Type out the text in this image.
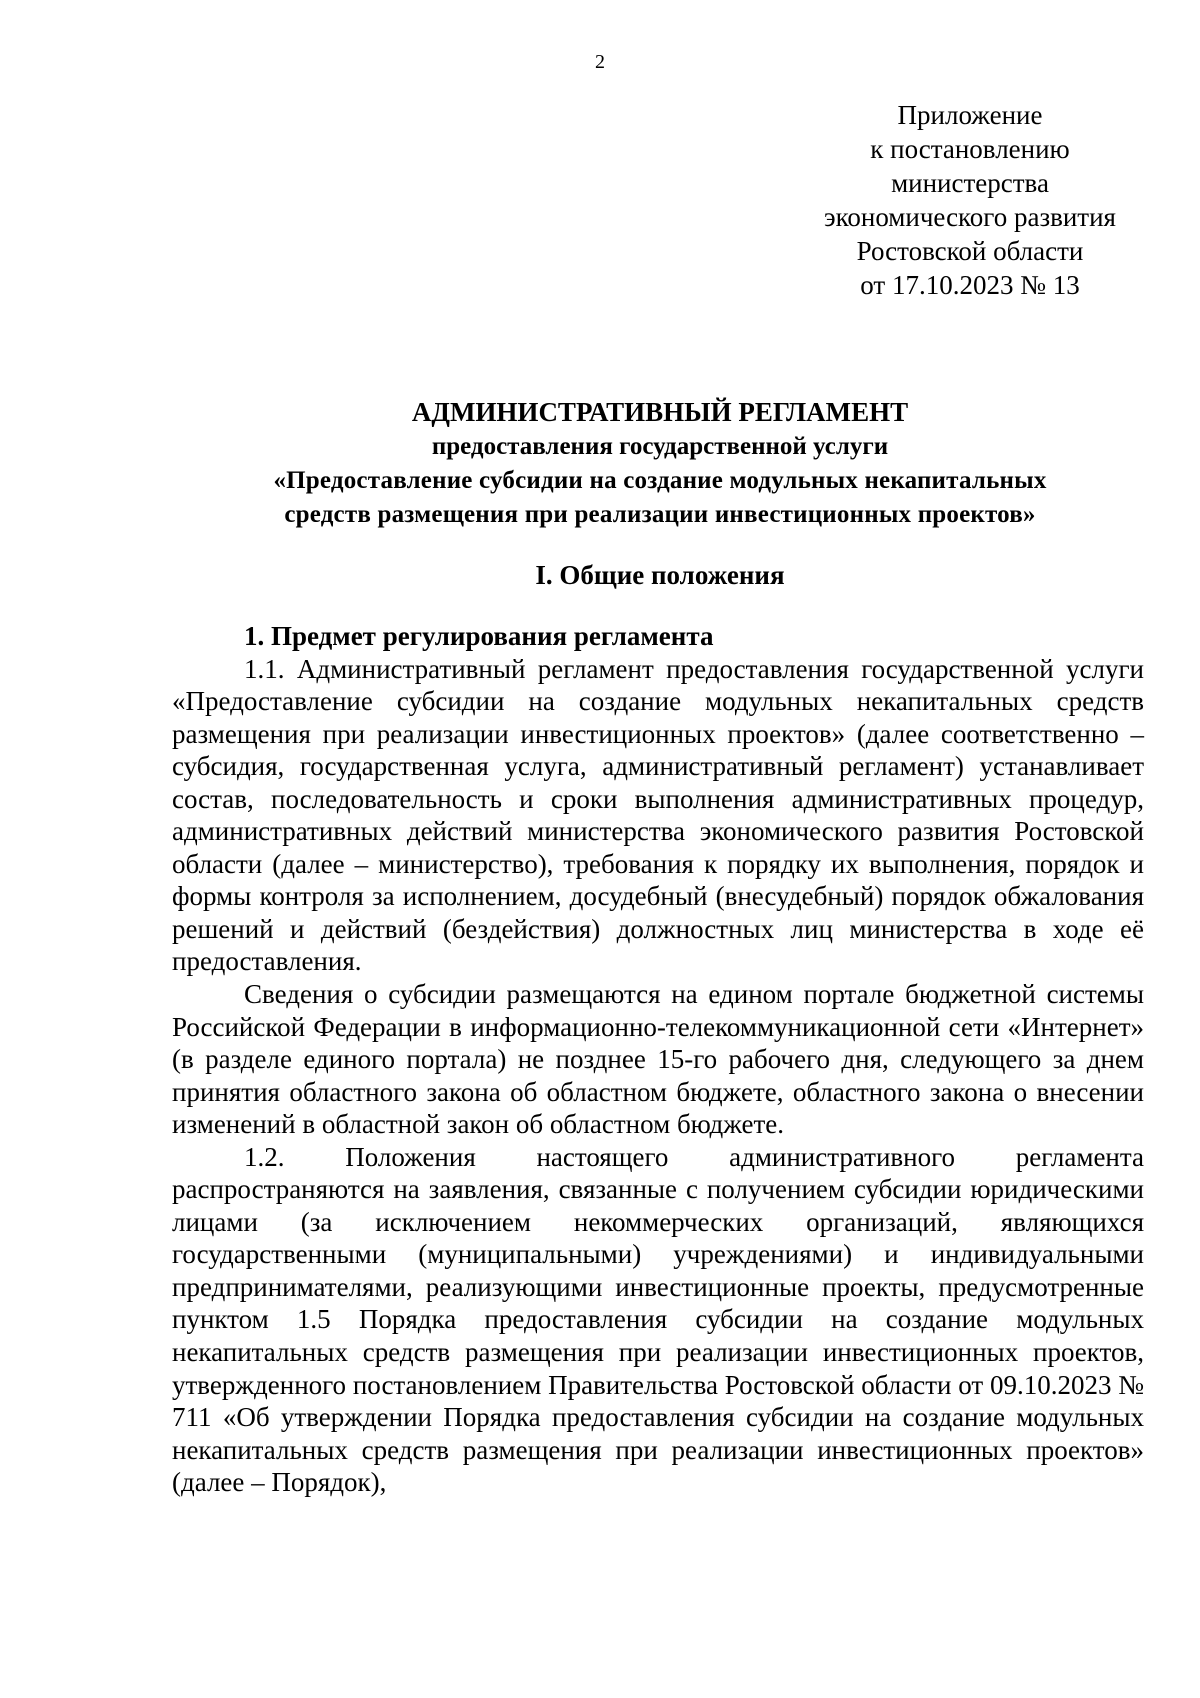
2
Приложение
к постановлению
министерства
экономического развития
Ростовской области
от 17.10.2023 № 13
АДМИНИСТРАТИВНЫЙ РЕГЛАМЕНТ
предоставления государственной услуги
«Предоставление субсидии на создание модульных некапитальных
средств размещения при реализации инвестиционных проектов»
I. Общие положения
1. Предмет регулирования регламента

1.1. Административный регламент предоставления государственной услуги «Предоставление субсидии на создание модульных некапитальных средств размещения при реализации инвестиционных проектов» (далее соответственно – субсидия, государственная услуга, административный регламент) устанавливает состав, последовательность и сроки выполнения административных процедур, административных действий министерства экономического развития Ростовской области (далее – министерство), требования к порядку их выполнения, порядок и формы контроля за исполнением, досудебный (внесудебный) порядок обжалования решений и действий (бездействия) должностных лиц министерства в ходе её предоставления.

Сведения о субсидии размещаются на едином портале бюджетной системы Российской Федерации в информационно-телекоммуникационной сети «Интернет» (в разделе единого портала) не позднее 15-го рабочего дня, следующего за днем принятия областного закона об областном бюджете, областного закона о внесении изменений в областной закон об областном бюджете.

1.2. Положения настоящего административного регламента распространяются на заявления, связанные с получением субсидии юридическими лицами (за исключением некоммерческих организаций, являющихся государственными (муниципальными) учреждениями) и индивидуальными предпринимателями, реализующими инвестиционные проекты, предусмотренные пунктом 1.5 Порядка предоставления субсидии на создание модульных некапитальных средств размещения при реализации инвестиционных проектов, утвержденного постановлением Правительства Ростовской области от 09.10.2023 № 711 «Об утверждении Порядка предоставления субсидии на создание модульных некапитальных средств размещения при реализации инвестиционных проектов» (далее – Порядок),
